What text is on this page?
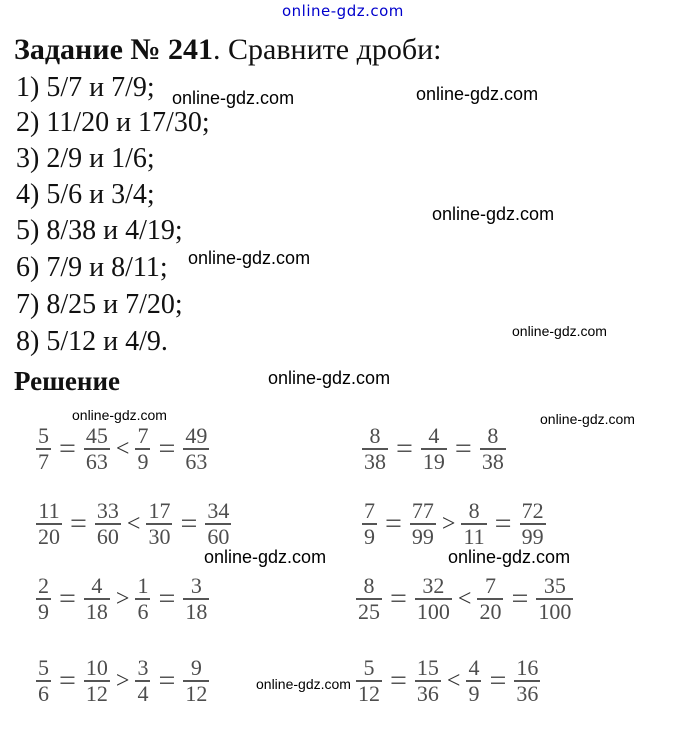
online-gdz.com
Задание № 241. Сравните дроби:
1) 5/7 и 7/9;
2) 11/20 и 17/30;
3) 2/9 и 1/6;
4) 5/6 и 3/4;
5) 8/38 и 4/19;
6) 7/9 и 8/11;
7) 8/25 и 7/20;
8) 5/12 и 4/9.
Решение
$\frac{5}{7} = \frac{45}{63} < \frac{7}{9} = \frac{49}{63}$	$\frac{8}{38} = \frac{4}{19} = \frac{8}{38}$
$\frac{11}{20} = \frac{33}{60} < \frac{17}{30} = \frac{34}{60}$	$\frac{7}{9} = \frac{77}{99} > \frac{8}{11} = \frac{72}{99}$
$\frac{2}{9} = \frac{4}{18} > \frac{1}{6} = \frac{3}{18}$	$\frac{8}{25} = \frac{32}{100} < \frac{7}{20} = \frac{35}{100}$
$\frac{5}{6} = \frac{10}{12} > \frac{3}{4} = \frac{9}{12}$	$\frac{5}{12} = \frac{15}{36} < \frac{4}{9} = \frac{16}{36}$
online-gdz.com	online-gdz.com
online-gdz.com
online-gdz.com
online-gdz.com
online-gdz.com
online-gdz.com	online-gdz.com
online-gdz.com	online-gdz.com
online-gdz.com
